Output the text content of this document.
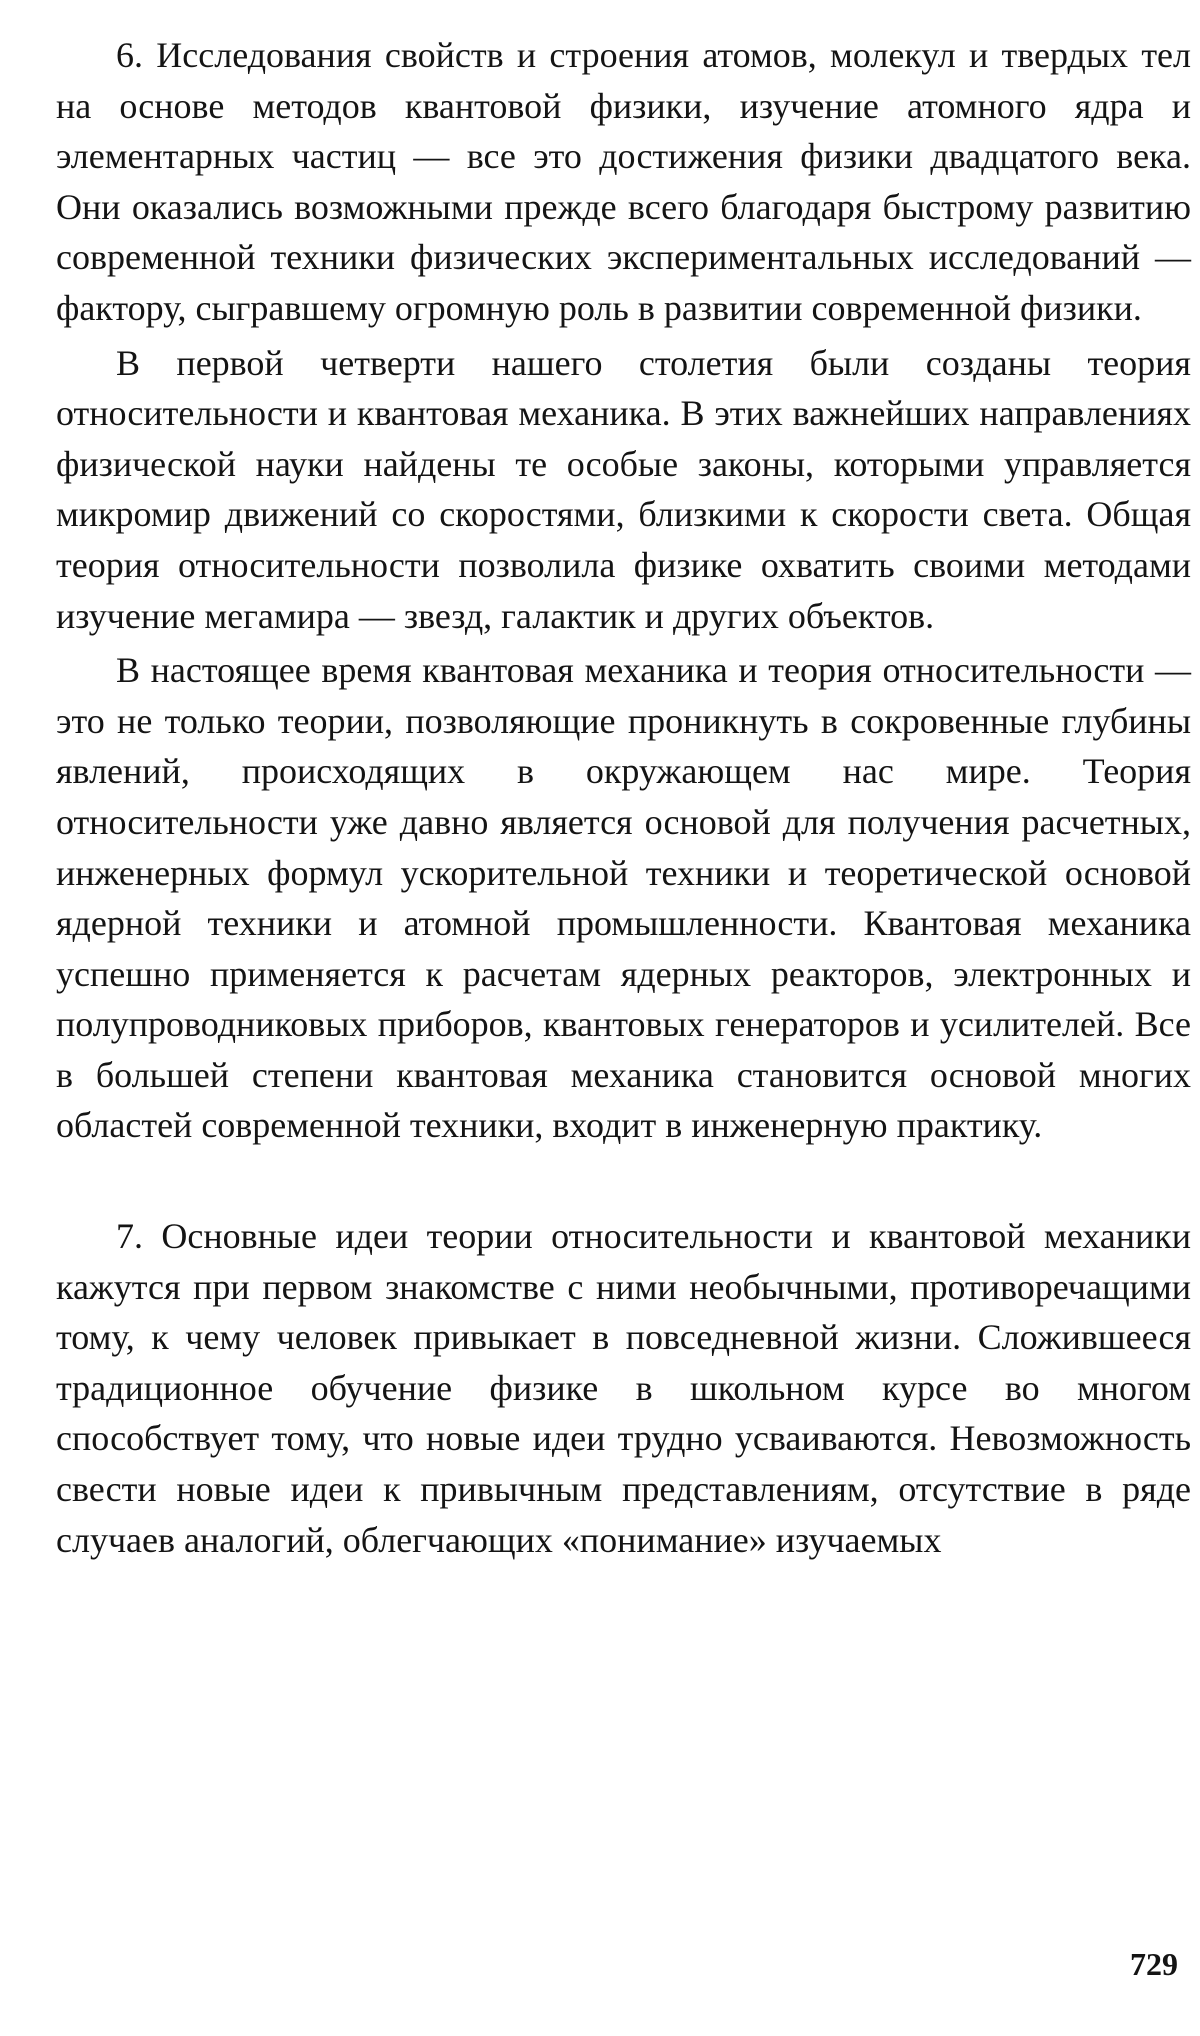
6. Исследования свойств и строения атомов, молекул и твердых тел на основе методов квантовой физики, изучение атомного ядра и элементарных частиц — все это достижения физики двадцатого века. Они оказались возможными прежде всего благодаря быстрому развитию современной техники физических экспериментальных исследований — фактору, сыгравшему огромную роль в развитии современной физики.

В первой четверти нашего столетия были созданы теория относительности и квантовая механика. В этих важнейших направлениях физической науки найдены те особые законы, которыми управляется микромир движений со скоростями, близкими к скорости света. Общая теория относительности позволила физике охватить своими методами изучение мегамира — звезд, галактик и других объектов.

В настоящее время квантовая механика и теория относительности — это не только теории, позволяющие проникнуть в сокровенные глубины явлений, происходящих в окружающем нас мире. Теория относительности уже давно является основой для получения расчетных, инженерных формул ускорительной техники и теоретической основой ядерной техники и атомной промышленности. Квантовая механика успешно применяется к расчетам ядерных реакторов, электронных и полупроводниковых приборов, квантовых генераторов и усилителей. Все в большей степени квантовая механика становится основой многих областей современной техники, входит в инженерную практику.

7. Основные идеи теории относительности и квантовой механики кажутся при первом знакомстве с ними необычными, противоречащими тому, к чему человек привыкает в повседневной жизни. Сложившееся традиционное обучение физике в школьном курсе во многом способствует тому, что новые идеи трудно усваиваются. Невозможность свести новые идеи к привычным представлениям, отсутствие в ряде случаев аналогий, облегчающих «понимание» изучаемых

729
